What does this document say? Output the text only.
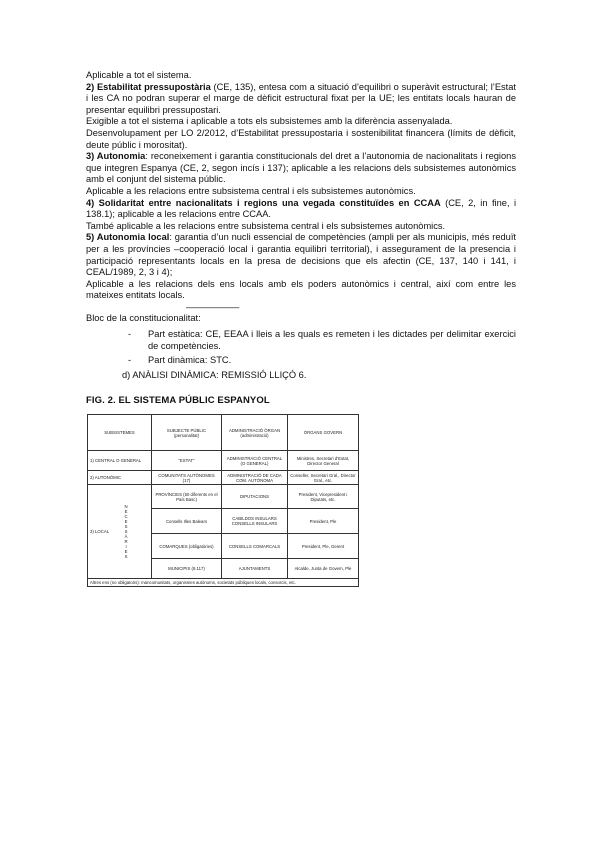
Aplicable a tot el sistema.

2) Estabilitat pressupostària (CE, 135), entesa com a situació d’equilibri o superàvit estructural; l’Estat i les CA no podran superar el marge de dèficit estructural fixat per la UE; les entitats locals hauran de presentar equilibri pressupostari.

Exigible a tot el sistema i aplicable a tots els subsistemes amb la diferència assenyalada.

Desenvolupament per LO 2/2012, d’Estabilitat pressupostaria i sostenibilitat financera (límits de dèficit, deute públic i morositat).

3) Autonomia: reconeixement i garantia constitucionals del dret a l’autonomia de nacionalitats i regions que integren Espanya (CE, 2, segon incís i 137); aplicable a les relacions dels subsistemes autonòmics amb el conjunt del sistema públic.

Aplicable a les relacions entre subsistema central i els subsistemes autonòmics.

4) Solidaritat entre nacionalitats i regions una vegada constituïdes en CCAA (CE, 2, in fine, i 138.1); aplicable a les relacions entre CCAA.

També aplicable a les relacions entre subsistema central i els subsistemes autonòmics.

5) Autonomia local: garantia d’un nucli essencial de competències (ampli per als municipis, més reduït per a les províncies –cooperació local i garantia equilibri territorial), i assegurament de la presencia i participació representants locals en la presa de decisions que els afectin (CE, 137, 140 i 141, i CEAL/1989, 2, 3 i 4);

Aplicable a les relacions dels ens locals amb els poders autonòmics i central, així com entre les mateixes entitats locals.

——————

Bloc de la constitucionalitat:

- Part estàtica: CE, EEAA i lleis a les quals es remeten i les dictades per delimitar exercici de competències.
- Part dinàmica: STC.

d) ANÀLISI DINÀMICA: REMISSIÓ LLIÇÓ 6.

FIG. 2. EL SISTEMA PÚBLIC ESPANYOL

SUBSISTEMES	SUBJECTE PÚBLIC (personalitat)	ADMINISTRACIÓ ÒRGAN (administració)	ÒRGANS GOVERN
1) CENTRAL O GENERAL	“ESTAT”	ADMINISTRACIÓ CENTRAL (O GENERAL)	Ministres, Secretari d’Estat, Director General
2) AUTONÒMIC	COMUNITATS AUTÒNOMES (17)	ADMINISTRACIÓ DE CADA COM. AUTÒNOMA	Conseller, Secretari Gral., Director Gral., etc.

3) LOCAL NECESSÀRIES	PROVÍNCIES (50 diferents en el País Basc)	DIPUTACIONS	President, Vicepresident i Diputats, etc.
	Consells Illes Balears	CABILDOS INSULARS CONSELLS INSULARS	President, Ple
	COMARQUES (obligatòries)	CONSELLS COMARCALS	President, Ple, Gerent
	MUNICIPIS (8.117)	AJUNTAMENTS	Alcalde, Junta de Govern, Ple
Altres ens (no obligatoris): mancomunitats, organismes autònoms, societats públiques locals, consorcis, etc.			
